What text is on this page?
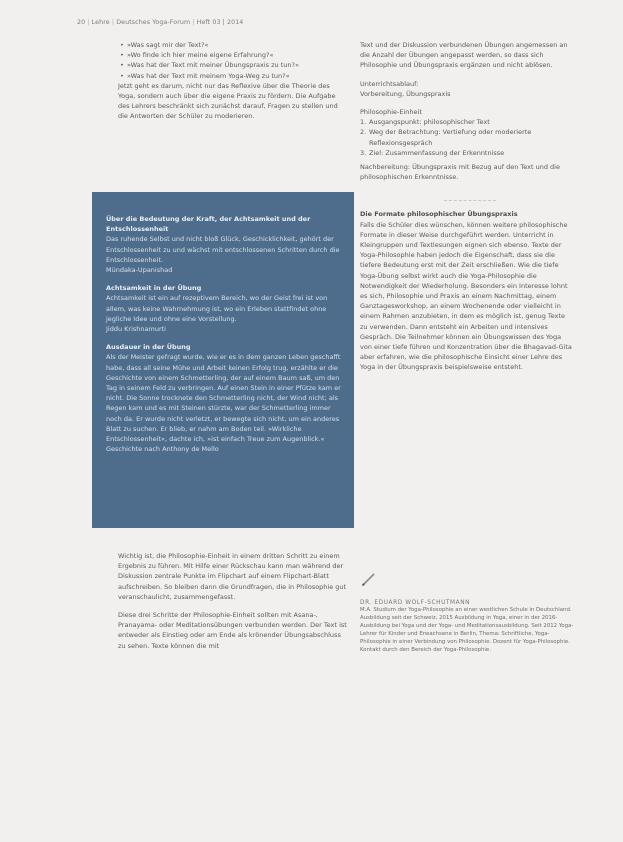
20 | Lehre | Deutsches Yoga-Forum | Heft 03 | 2014
• »Was sagt mir der Text?«
• »Wo finde ich hier meine eigene Erfahrung?«
• »Was hat der Text mit meiner Übungspraxis zu tun?«
• »Was hat der Text mit meinem Yoga-Weg zu tun?«

Jetzt geht es darum, nicht nur das Reflexive über die Theorie des Yoga, sondern auch über die eigene Praxis zu fördern. Die Aufgabe des Lehrers beschränkt sich zunächst darauf, Fragen zu stellen und die Antworten der Schüler zu moderieren.

Über die Bedeutung der Kraft, der Achtsamkeit und der Entschlossenheit
Das ruhende Selbst und nicht bloß Glück, Geschicklichkeit, gehört der Entschlossenheit zu und wächst mit entschlossenen Schritten durch die Entschlossenheit.
Mündaka-Upanishad
Achtsamkeit in der Übung
Achtsamkeit ist ein auf rezeptivem Bereich, wo der Geist frei ist von allem, was keine Wahrnehmung ist, wo ein Erleben stattfindet ohne jegliche Idee und ohne eine Vorstellung.
Jiddu Krishnamurti
Ausdauer in der Übung
Als der Meister gefragt wurde, wie er es in dem ganzen Leben geschafft habe, dass all seine Mühe und Arbeit keinen Erfolg trug, erzählte er die Geschichte von einem Schmetterling, der auf einem Baum saß, um den Tag in seinem Feld zu verbringen. Auf einen Stein in einer Pfütze kam er nicht. Die Sonne trocknete den Schmetterling nicht, der Wind nicht; als Regen kam und es mit Steinen stürzte, war der Schmetterling immer noch da. Er wurde nicht verletzt, er bewegte sich nicht, um ein anderes Blatt zu suchen. Er blieb, er nahm am Boden teil. »Wirkliche Entschlossenheit«, dachte ich, »ist einfach Treue zum Augenblick.«
Geschichte nach Anthony de Mello

Wichtig ist, die Philosophie-Einheit in einem dritten Schritt zu einem Ergebnis zu führen. Mit Hilfe einer Rückschau kann man während der Diskussion zentrale Punkte im Flipchart auf einem Flipchart-Blatt aufschreiben. So bleiben dann die Grundfragen, die in Philosophie gut veranschaulicht, zusammengefasst.

Diese drei Schritte der Philosophie-Einheit sollten mit Asana-, Pranayama- oder Meditationsübungen verbunden werden. Der Text ist entweder als Einstieg oder am Ende als krönender Übungsabschluss zu sehen. Texte können die mit

Text und der Diskussion verbundenen Übungen angemessen an die Anzahl der Übungen angepasst werden, so dass sich Philosophie und Übungspraxis ergänzen und nicht ablösen.

Unterrichtsablauf:
Vorbereitung, Übungspraxis
Philosophie-Einheit
1. Ausgangspunkt: philosophischer Text
2. Weg der Betrachtung: Vertiefung oder moderierte Reflexionsgespräch
3. Ziel: Zusammenfassung der Erkenntnisse

Nachbereitung: Übungspraxis mit Bezug auf den Text und die philosophischen Erkenntnisse.

Die Formate philosophischer Übungspraxis

Falls die Schüler dies wünschen, können weitere philosophische Formate in dieser Weise durchgeführt werden. Unterricht in Kleingruppen und Textlesungen eignen sich ebenso. Texte der Yoga-Philosophie haben jedoch die Eigenschaft, dass sie die tiefere Bedeutung erst mit der Zeit erschließen. Wie die tiefe Yoga-Übung selbst wirkt auch die Yoga-Philosophie die Notwendigkeit der Wiederholung. Besonders ein Interesse lohnt es sich, Philosophie und Praxis an einem Nachmittag, einem Ganztagesworkshop, an einem Wochenende oder vielleicht in einem Rahmen anzubieten, in dem es möglich ist, genug Texte zu verwenden. Dann entsteht ein Arbeiten und intensives Gespräch. Die Teilnehmer können ein Übungswissen des Yoga von einer tiefe führen und Konzentration über die Bhagavad-Gita aber erfahren, wie die philosophische Einsicht einer Lehre des Yoga in der Übungspraxis beispielsweise entsteht.

DR. EDUARD WOLF-SCHUTMANN
M.A. Studium der Yoga-Philosophie an einer westlichen Schule in Deutschland. Ausbildung seit der Schweiz, 2015 Ausbildung in Yoga, einer in der 2016-Ausbildung bei Yoga und der Yoga- und Meditationsausbildung. Seit 2012 Yoga-Lehrer für Kinder und Erwachsene in Berlin, Thema: Schriftliche, Yoga-Philosophie in einer Verbindung von Philosophie. Dozent für Yoga-Philosophie. Kontakt durch den Bereich der Yoga-Philosophie.
